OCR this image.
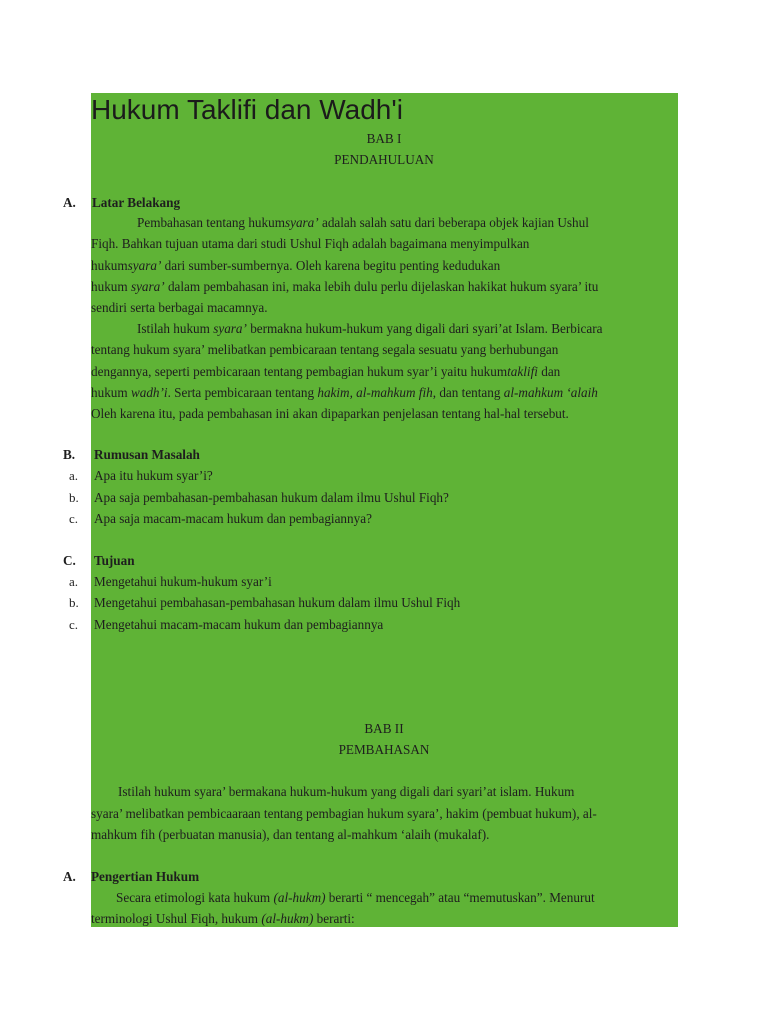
Hukum Taklifi dan Wadh'i
BAB I
PENDAHULUAN
A. Latar Belakang
Pembahasan tentang hukumsyara’ adalah salah satu dari beberapa objek kajian Ushul
Fiqh. Bahkan tujuan utama dari studi Ushul Fiqh adalah bagaimana menyimpulkan
hukumsyara’ dari sumber-sumbernya. Oleh karena begitu penting kedudukan
hukum syara’ dalam pembahasan ini, maka lebih dulu perlu dijelaskan hakikat hukum syara’ itu
sendiri serta berbagai macamnya.
Istilah hukum syara’ bermakna hukum-hukum yang digali dari syari’at Islam. Berbicara
tentang hukum syara’ melibatkan pembicaraan tentang segala sesuatu yang berhubungan
dengannya, seperti pembicaraan tentang pembagian hukum syar’i yaitu hukumtaklifi dan
hukum wadh’i. Serta pembicaraan tentang hakim, al-mahkum fih, dan tentang al-mahkum ‘alaih
Oleh karena itu, pada pembahasan ini akan dipaparkan penjelasan tentang hal-hal tersebut.
B. Rumusan Masalah
a. Apa itu hukum syar’i?
b. Apa saja pembahasan-pembahasan hukum dalam ilmu Ushul Fiqh?
c. Apa saja macam-macam hukum dan pembagiannya?
C. Tujuan
a. Mengetahui hukum-hukum syar’i
b. Mengetahui pembahasan-pembahasan hukum dalam ilmu Ushul Fiqh
c. Mengetahui macam-macam hukum dan pembagiannya
BAB II
PEMBAHASAN
Istilah hukum syara’ bermakana hukum-hukum yang digali dari syari’at islam. Hukum
syara’ melibatkan pembicaaraan tentang pembagian hukum syara’, hakim (pembuat hukum), al-
mahkum fih (perbuatan manusia), dan tentang al-mahkum ‘alaih (mukalaf).
A. Pengertian Hukum
Secara etimologi kata hukum (al-hukm) berarti “ mencegah” atau “memutuskan”. Menurut
terminologi Ushul Fiqh, hukum (al-hukm) berarti:
